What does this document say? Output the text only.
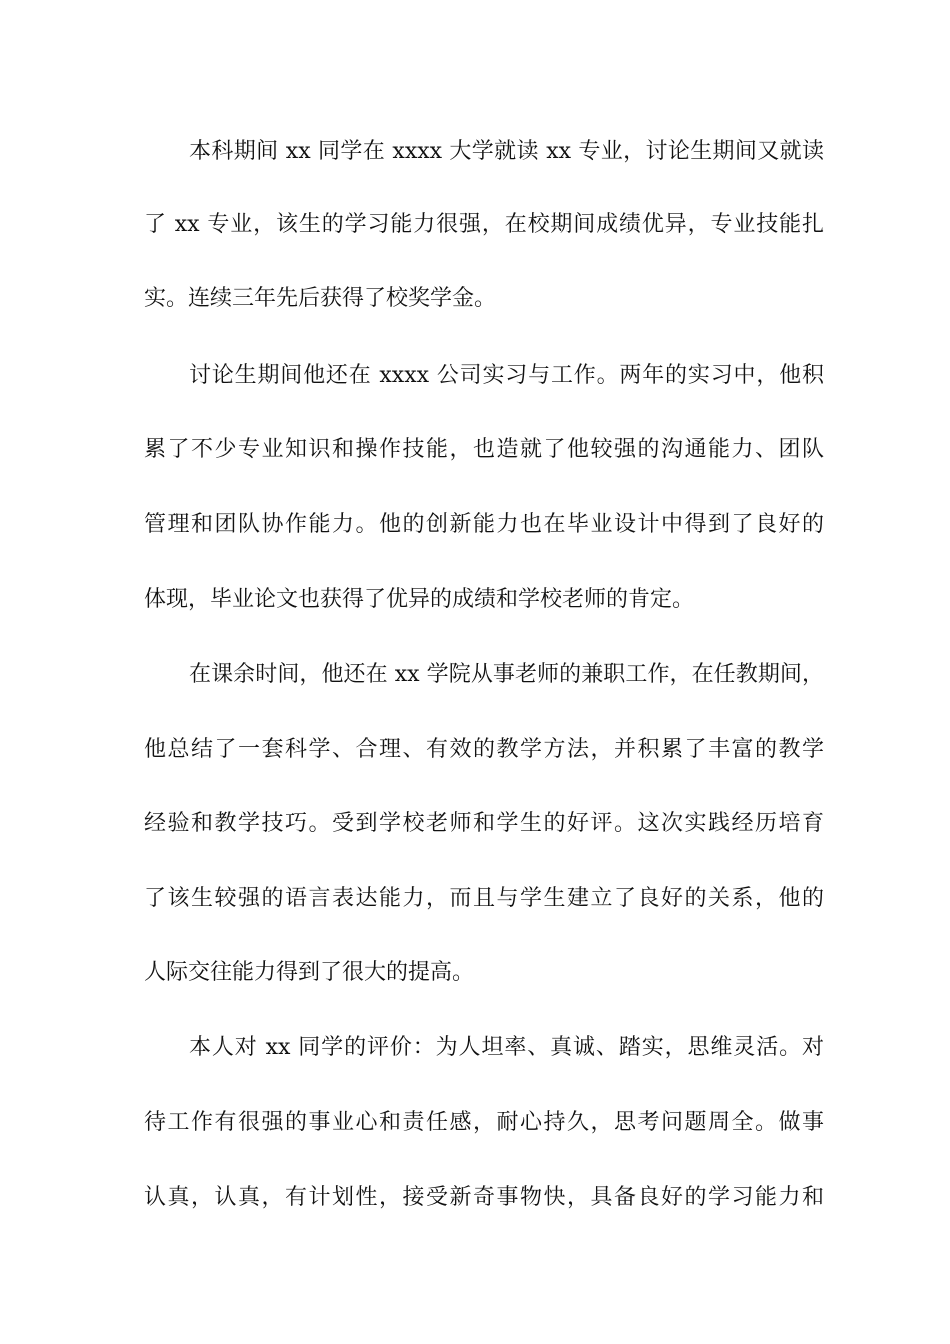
本科期间 xx 同学在 xxxx 大学就读 xx 专业，讨论生期间又就读
了 xx 专业，该生的学习能力很强，在校期间成绩优异，专业技能扎
实。连续三年先后获得了校奖学金。
讨论生期间他还在 xxxx 公司实习与工作。两年的实习中，他积
累了不少专业知识和操作技能，也造就了他较强的沟通能力、团队
管理和团队协作能力。他的创新能力也在毕业设计中得到了良好的
体现，毕业论文也获得了优异的成绩和学校老师的肯定。
在课余时间，他还在 xx 学院从事老师的兼职工作，在任教期间，
他总结了一套科学、合理、有效的教学方法，并积累了丰富的教学
经验和教学技巧。受到学校老师和学生的好评。这次实践经历培育
了该生较强的语言表达能力，而且与学生建立了良好的关系，他的
人际交往能力得到了很大的提高。
本人对 xx 同学的评价：为人坦率、真诚、踏实，思维灵活。对
待工作有很强的事业心和责任感，耐心持久，思考问题周全。做事
认真，认真，有计划性，接受新奇事物快，具备良好的学习能力和
